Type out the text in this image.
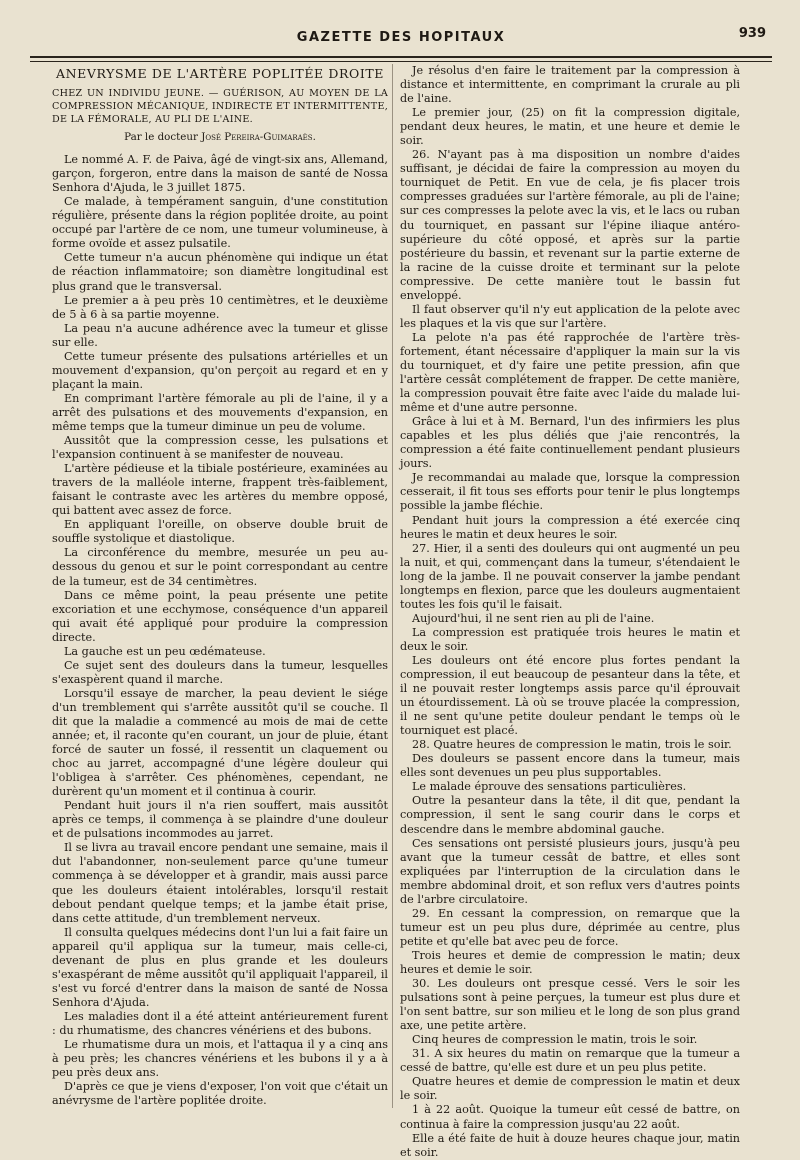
GAZETTE DES HOPITAUX	939

ANEVRYSME DE L'ARTÈRE POPLITÉE DROITE

CHEZ UN INDIVIDU JEUNE. — GUÉRISON, AU MOYEN DE LA COMPRESSION MÉCANIQUE, INDIRECTE ET INTERMITTENTE, DE LA FÉMORALE, AU PLI DE L'AINE.

Par le docteur José Pereira-Guimaraès.

Le nommé A. F. de Paiva, âgé de vingt-six ans, Allemand, garçon, forgeron, entre dans la maison de santé de Nossa Senhora d'Ajuda, le 3 juillet 1875.

Ce malade, à tempérament sanguin, d'une constitution régulière, présente dans la région poplitée droite, au point occupé par l'artère de ce nom, une tumeur volumineuse, à forme ovoïde et assez pulsatile.

Cette tumeur n'a aucun phénomène qui indique un état de réaction inflammatoire; son diamètre longitudinal est plus grand que le transversal.

Le premier a à peu près 10 centimètres, et le deuxième de 5 à 6 à sa partie moyenne.

La peau n'a aucune adhérence avec la tumeur et glisse sur elle.

Cette tumeur présente des pulsations artérielles et un mouvement d'expansion, qu'on perçoit au regard et en y plaçant la main.

En comprimant l'artère fémorale au pli de l'aine, il y a arrêt des pulsations et des mouvements d'expansion, en même temps que la tumeur diminue un peu de volume.

Aussitôt que la compression cesse, les pulsations et l'expansion continuent à se manifester de nouveau.

L'artère pédieuse et la tibiale postérieure, examinées au travers de la malléole interne, frappent très-faiblement, faisant le contraste avec les artères du membre opposé, qui battent avec assez de force.

En appliquant l'oreille, on observe double bruit de souffle systolique et diastolique.

La circonférence du membre, mesurée un peu au-dessous du genou et sur le point correspondant au centre de la tumeur, est de 34 centimètres.

Dans ce même point, la peau présente une petite excoriation et une ecchymose, conséquence d'un appareil qui avait été appliqué pour produire la compression directe.

La gauche est un peu œdémateuse.

Ce sujet sent des douleurs dans la tumeur, lesquelles s'exaspèrent quand il marche.

Lorsqu'il essaye de marcher, la peau devient le siége d'un tremblement qui s'arrête aussitôt qu'il se couche. Il dit que la maladie a commencé au mois de mai de cette année; et, il raconte qu'en courant, un jour de pluie, étant forcé de sauter un fossé, il ressentit un claquement ou choc au jarret, accompagné d'une légère douleur qui l'obligea à s'arrêter. Ces phénomènes, cependant, ne durèrent qu'un moment et il continua à courir.

Pendant huit jours il n'a rien souffert, mais aussitôt après ce temps, il commença à se plaindre d'une douleur et de pulsations incommodes au jarret.

Il se livra au travail encore pendant une semaine, mais il dut l'abandonner, non-seulement parce qu'une tumeur commença à se développer et à grandir, mais aussi parce que les douleurs étaient intolérables, lorsqu'il restait debout pendant quelque temps; et la jambe était prise, dans cette attitude, d'un tremblement nerveux.

Il consulta quelques médecins dont l'un lui a fait faire un appareil qu'il appliqua sur la tumeur, mais celle-ci, devenant de plus en plus grande et les douleurs s'exaspérant de même aussitôt qu'il appliquait l'appareil, il s'est vu forcé d'entrer dans la maison de santé de Nossa Senhora d'Ajuda.

Les maladies dont il a été atteint antérieurement furent : du rhumatisme, des chancres vénériens et des bubons.

Le rhumatisme dura un mois, et l'attaqua il y a cinq ans à peu près; les chancres vénériens et les bubons il y a à peu près deux ans.

D'après ce que je viens d'exposer, l'on voit que c'était un anévrysme de l'artère poplitée droite.

Je résolus d'en faire le traitement par la compression à distance et intermittente, en comprimant la crurale au pli de l'aine.

Le premier jour, (25) on fit la compression digitale, pendant deux heures, le matin, et une heure et demie le soir.

26. N'ayant pas à ma disposition un nombre d'aides suffisant, je décidai de faire la compression au moyen du tourniquet de Petit. En vue de cela, je fis placer trois compresses graduées sur l'artère fémorale, au pli de l'aine; sur ces compresses la pelote avec la vis, et le lacs ou ruban du tourniquet, en passant sur l'épine iliaque antéro-supérieure du côté opposé, et après sur la partie postérieure du bassin, et revenant sur la partie externe de la racine de la cuisse droite et terminant sur la pelote compressive. De cette manière tout le bassin fut enveloppé.

Il faut observer qu'il n'y eut application de la pelote avec les plaques et la vis que sur l'artère.

La pelote n'a pas été rapprochée de l'artère très-fortement, étant nécessaire d'appliquer la main sur la vis du tourniquet, et d'y faire une petite pression, afin que l'artère cessât complétement de frapper. De cette manière, la compression pouvait être faite avec l'aide du malade lui-même et d'une autre personne.

Grâce à lui et à M. Bernard, l'un des infirmiers les plus capables et les plus déliés que j'aie rencontrés, la compression a été faite continuellement pendant plusieurs jours.

Je recommandai au malade que, lorsque la compression cesserait, il fit tous ses efforts pour tenir le plus longtemps possible la jambe fléchie.

Pendant huit jours la compression a été exercée cinq heures le matin et deux heures le soir.

27. Hier, il a senti des douleurs qui ont augmenté un peu la nuit, et qui, commençant dans la tumeur, s'étendaient le long de la jambe. Il ne pouvait conserver la jambe pendant longtemps en flexion, parce que les douleurs augmentaient toutes les fois qu'il le faisait.

Aujourd'hui, il ne sent rien au pli de l'aine.

La compression est pratiquée trois heures le matin et deux le soir.

Les douleurs ont été encore plus fortes pendant la compression, il eut beaucoup de pesanteur dans la tête, et il ne pouvait rester longtemps assis parce qu'il éprouvait un étourdissement. Là où se trouve placée la compression, il ne sent qu'une petite douleur pendant le temps où le tourniquet est placé.

28. Quatre heures de compression le matin, trois le soir.

Des douleurs se passent encore dans la tumeur, mais elles sont devenues un peu plus supportables.

Le malade éprouve des sensations particulières.

Outre la pesanteur dans la tête, il dit que, pendant la compression, il sent le sang courir dans le corps et descendre dans le membre abdominal gauche.

Ces sensations ont persisté plusieurs jours, jusqu'à peu avant que la tumeur cessât de battre, et elles sont expliquées par l'interruption de la circulation dans le membre abdominal droit, et son reflux vers d'autres points de l'arbre circulatoire.

29. En cessant la compression, on remarque que la tumeur est un peu plus dure, déprimée au centre, plus petite et qu'elle bat avec peu de force.

Trois heures et demie de compression le matin; deux heures et demie le soir.

30. Les douleurs ont presque cessé. Vers le soir les pulsations sont à peine perçues, la tumeur est plus dure et l'on sent battre, sur son milieu et le long de son plus grand axe, une petite artère.

Cinq heures de compression le matin, trois le soir.

31. A six heures du matin on remarque que la tumeur a cessé de battre, qu'elle est dure et un peu plus petite.

Quatre heures et demie de compression le matin et deux le soir.

1 à 22 août. Quoique la tumeur eût cessé de battre, on continua à faire la compression jusqu'au 22 août.

Elle a été faite de huit à douze heures chaque jour, matin et soir.
